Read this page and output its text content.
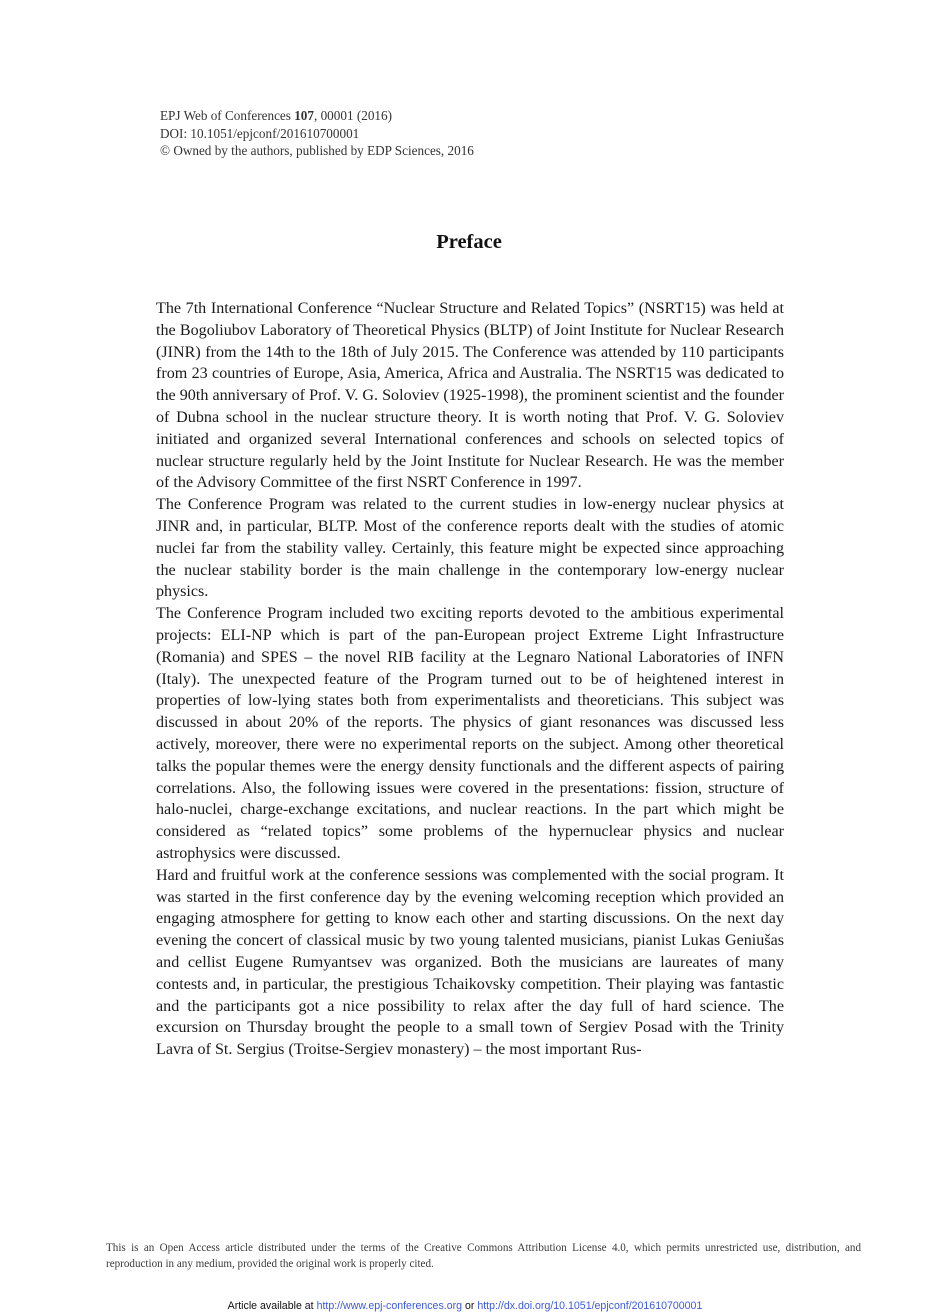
EPJ Web of Conferences 107, 00001 (2016)
DOI: 10.1051/epjconf/201610700001
© Owned by the authors, published by EDP Sciences, 2016
Preface

The 7th International Conference “Nuclear Structure and Related Topics” (NSRT15) was held at the Bogoliubov Laboratory of Theoretical Physics (BLTP) of Joint Institute for Nuclear Research (JINR) from the 14th to the 18th of July 2015. The Conference was attended by 110 participants from 23 countries of Europe, Asia, America, Africa and Australia. The NSRT15 was dedicated to the 90th anniversary of Prof. V. G. Soloviev (1925-1998), the prominent scientist and the founder of Dubna school in the nuclear structure theory. It is worth noting that Prof. V. G. Soloviev initiated and organized several International conferences and schools on selected topics of nuclear structure regularly held by the Joint Institute for Nuclear Research. He was the member of the Advisory Committee of the first NSRT Conference in 1997.

The Conference Program was related to the current studies in low-energy nuclear physics at JINR and, in particular, BLTP. Most of the conference reports dealt with the studies of atomic nuclei far from the stability valley. Certainly, this feature might be expected since approaching the nuclear stability border is the main challenge in the contemporary low-energy nuclear physics.

The Conference Program included two exciting reports devoted to the ambitious experimental projects: ELI-NP which is part of the pan-European project Extreme Light Infrastructure (Romania) and SPES – the novel RIB facility at the Legnaro National Laboratories of INFN (Italy). The unexpected feature of the Program turned out to be of heightened interest in properties of low-lying states both from experimentalists and theoreticians. This subject was discussed in about 20% of the reports. The physics of giant resonances was discussed less actively, moreover, there were no experimental reports on the subject. Among other theoretical talks the popular themes were the energy density functionals and the different aspects of pairing correlations. Also, the following issues were covered in the presentations: fission, structure of halo-nuclei, charge-exchange excitations, and nuclear reactions. In the part which might be considered as “related topics” some problems of the hypernuclear physics and nuclear astrophysics were discussed.

Hard and fruitful work at the conference sessions was complemented with the social program. It was started in the first conference day by the evening welcoming reception which provided an engaging atmosphere for getting to know each other and starting discussions. On the next day evening the concert of classical music by two young talented musicians, pianist Lukas Geniušas and cellist Eugene Rumyantsev was organized. Both the musicians are laureates of many contests and, in particular, the prestigious Tchaikovsky competition. Their playing was fantastic and the participants got a nice possibility to relax after the day full of hard science. The excursion on Thursday brought the people to a small town of Sergiev Posad with the Trinity Lavra of St. Sergius (Troitse-Sergiev monastery) – the most important Rus-

This is an Open Access article distributed under the terms of the Creative Commons Attribution License 4.0, which permits unrestricted use, distribution, and reproduction in any medium, provided the original work is properly cited.
Article available at http://www.epj-conferences.org or http://dx.doi.org/10.1051/epjconf/201610700001
